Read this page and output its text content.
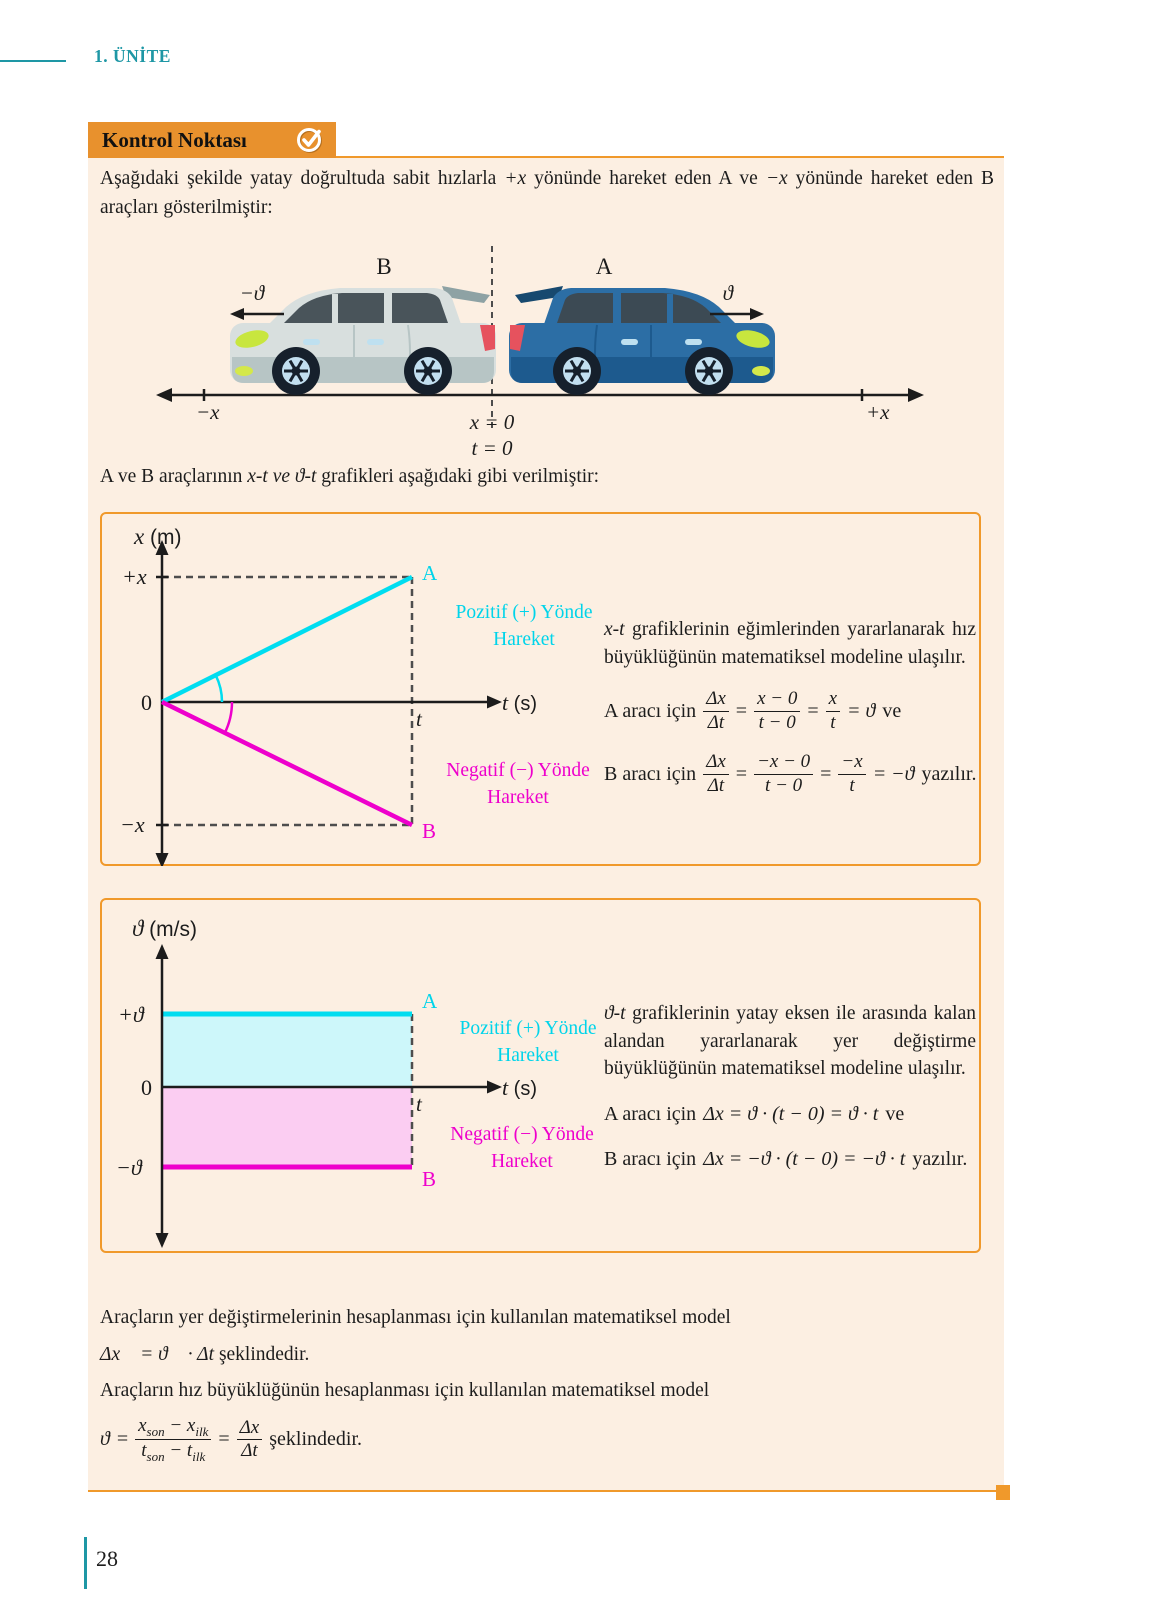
1. ÜNİTE
Kontrol Noktası

Aşağıdaki şekilde yatay doğrultuda sabit hızlarla +x yönünde hareket eden A ve −x yönünde hareket eden B araçları gösterilmiştir:

B	A
−ϑ⃗	ϑ⃗
−x	+x
x = 0
t = 0

A ve B araçlarının x-t ve ϑ-t grafikleri aşağıdaki gibi verilmiştir:

x (m)
+x
0
−x
t
t (s)
A
B
Pozitif (+) Yönde
Hareket
Negatif (−) Yönde
Hareket

x-t grafiklerinin eğimlerinden yararlanarak hız büyüklüğünün matematiksel modeline ulaşılır.

A aracı için $\frac{\Delta x}{\Delta t} = \frac{x - 0}{t - 0} = \frac{x}{t} = ϑ$ ve
B aracı için $\frac{\Delta x}{\Delta t} = \frac{-x - 0}{t - 0} = \frac{-x}{t} = -ϑ$ yazılır.
ϑ (m/s)
+ϑ
0
−ϑ
t
t (s)
A
B
Pozitif (+) Yönde
Hareket
Negatif (−) Yönde
Hareket

ϑ-t grafiklerinin yatay eksen ile arasında kalan alandan yararlanarak yer değiştirme büyüklüğünün matematiksel modeline ulaşılır.

A aracı için Δx = ϑ · (t − 0) = ϑ · t ve
B aracı için Δx = −ϑ · (t − 0) = −ϑ · t yazılır.

Araçların yer değiştirmelerinin hesaplanması için kullanılan matematiksel model

Δx⃗ = ϑ⃗ · Δt şeklindedir.

Araçların hız büyüklüğünün hesaplanması için kullanılan matematiksel model

$ϑ = \frac{x_{son} - x_{ilk}}{t_{son} - t_{ilk}} = \frac{\Delta x}{\Delta t}$ şeklindedir.
28
